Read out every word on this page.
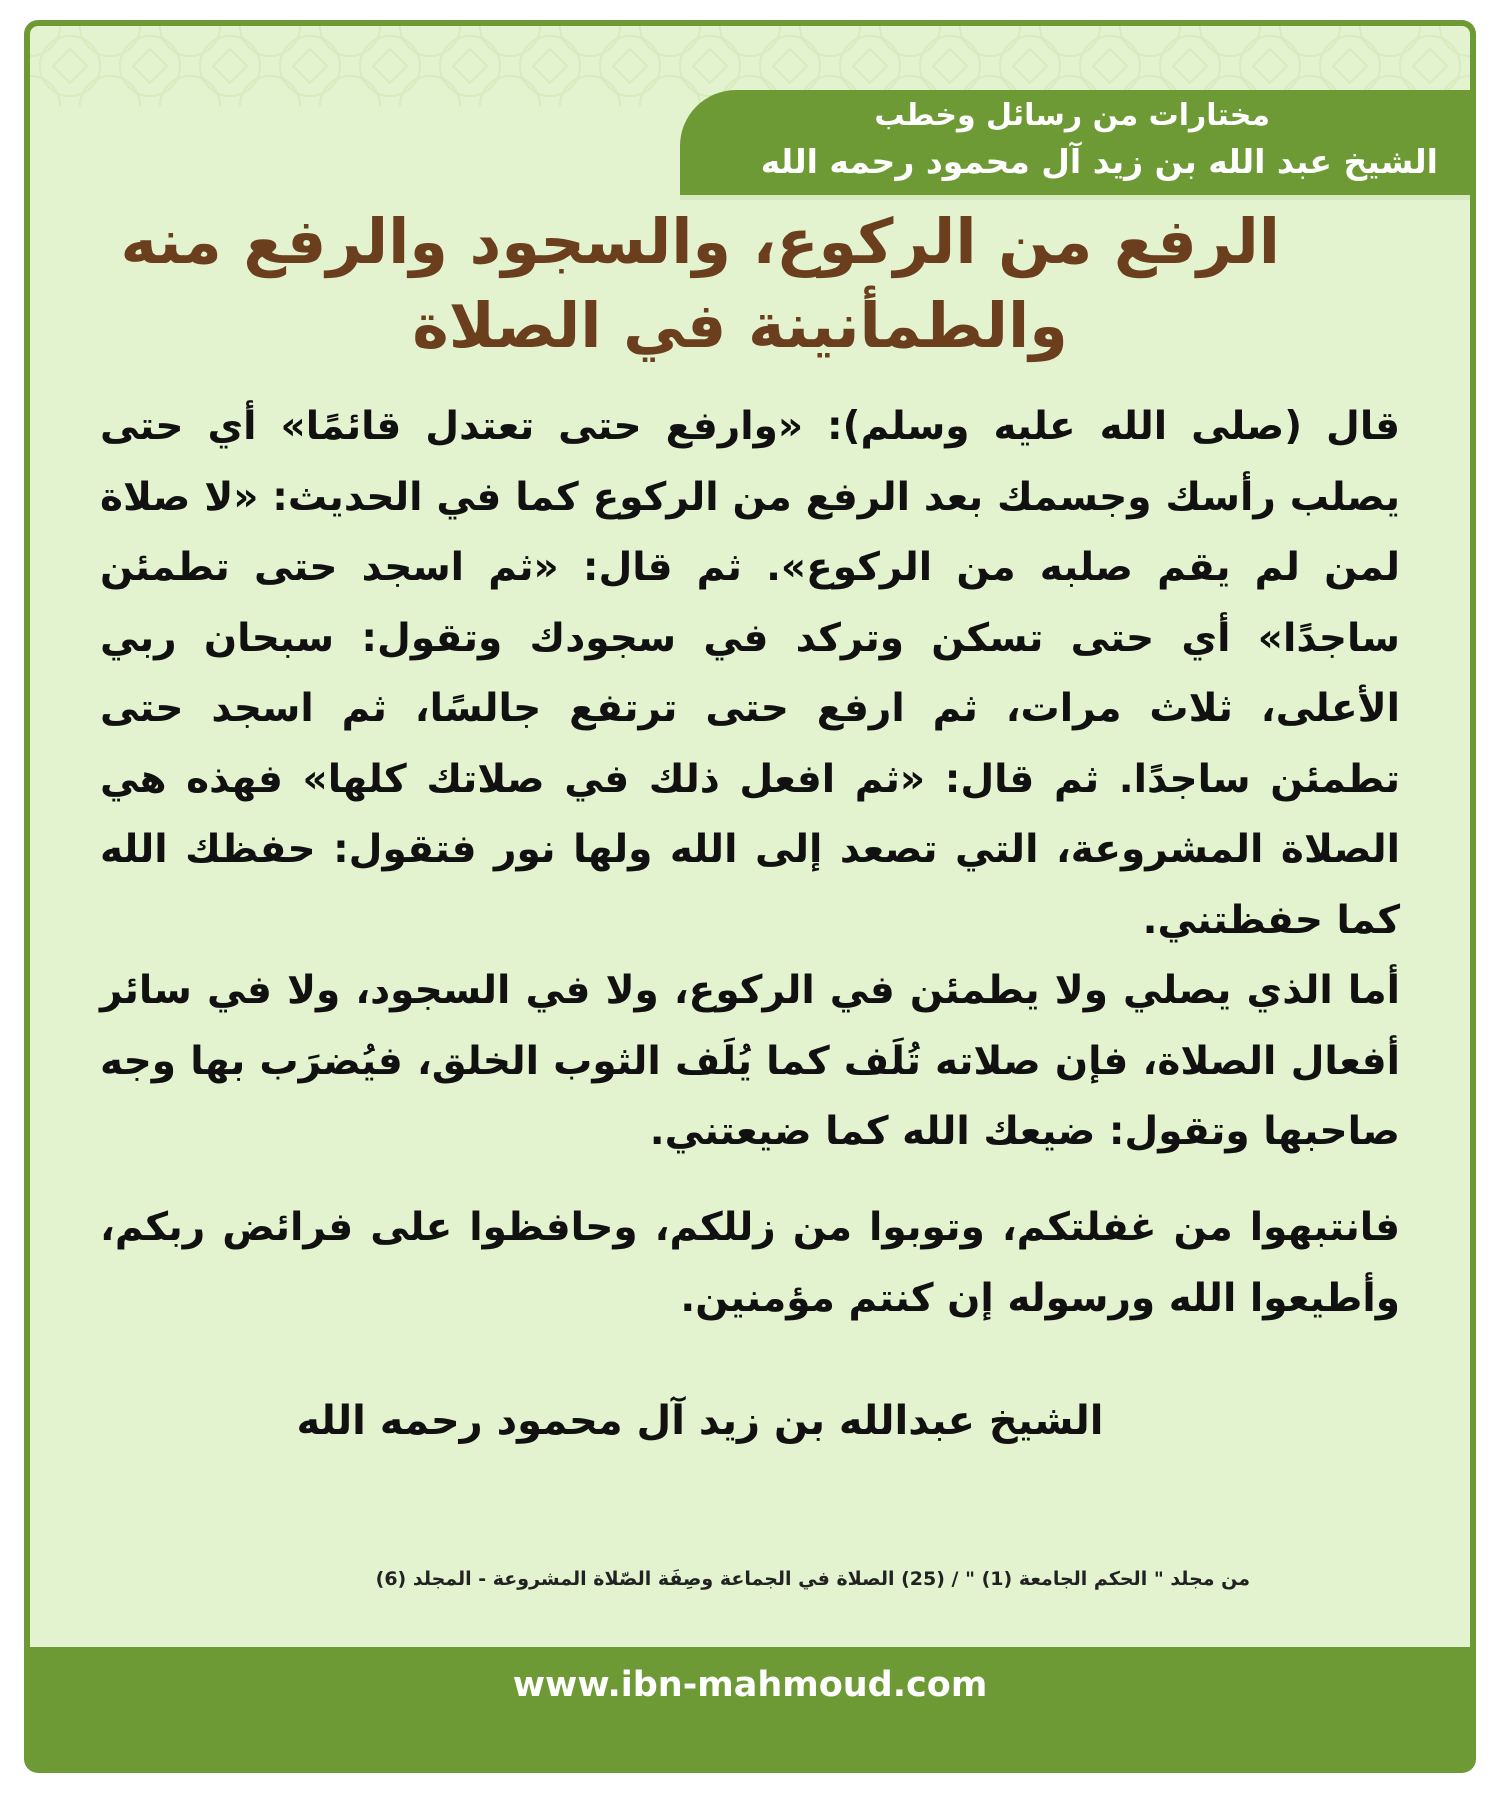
مختارات من رسائل وخطب
الشيخ عبد الله بن زيد آل محمود رحمه الله
الرفع من الركوع، والسجود والرفع منه
والطمأنينة في الصلاة

قال (صلى الله عليه وسلم): «وارفع حتى تعتدل قائمًا» أي حتى يصلب رأسك وجسمك بعد الرفع من الركوع كما في الحديث: «لا صلاة لمن لم يقم صلبه من الركوع». ثم قال: «ثم اسجد حتى تطمئن ساجدًا» أي حتى تسكن وتركد في سجودك وتقول: سبحان ربي الأعلى، ثلاث مرات، ثم ارفع حتى ترتفع جالسًا، ثم اسجد حتى تطمئن ساجدًا. ثم قال: «ثم افعل ذلك في صلاتك كلها» فهذه هي الصلاة المشروعة، التي تصعد إلى الله ولها نور فتقول: حفظك الله كما حفظتني.

أما الذي يصلي ولا يطمئن في الركوع، ولا في السجود، ولا في سائر أفعال الصلاة، فإن صلاته تُلَف كما يُلَف الثوب الخلق، فيُضرَب بها وجه صاحبها وتقول: ضيعك الله كما ضيعتني.

فانتبهوا من غفلتكم، وتوبوا من زللكم، وحافظوا على فرائض ربكم، وأطيعوا الله ورسوله إن كنتم مؤمنين.

الشيخ عبدالله بن زيد آل محمود رحمه الله
من مجلد " الحكم الجامعة (1) " / (25) الصلاة في الجماعة وصِفَة الصّلاة المشروعة - المجلد (6)
www.ibn-mahmoud.com
